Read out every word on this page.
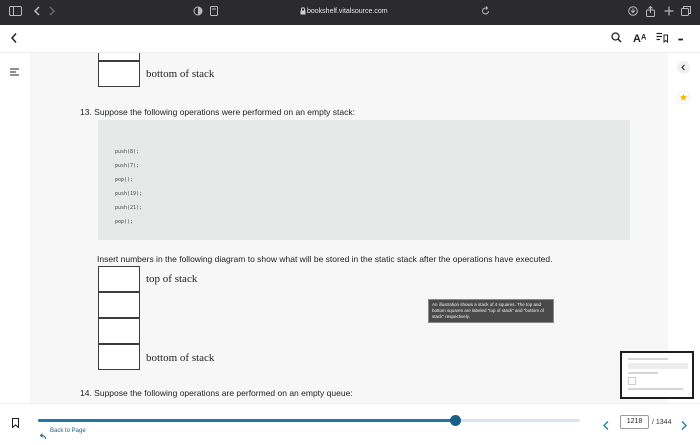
bookshelf.vitalsource.com
Aᴬ	•••
bottom of stack
13. Suppose the following operations were performed on an empty stack:
push(8);
push(7);
pop();
push(19);
push(21);
pop();
Insert numbers in the following diagram to show what will be stored in the static stack after the operations have executed.
top of stack
bottom of stack
An illustration shows a stack of 4 squares. The top and bottom squares are labeled “top of stack” and “bottom of stack” respectively.
14. Suppose the following operations are performed on an empty queue:
Back to Page
1218	/ 1344
